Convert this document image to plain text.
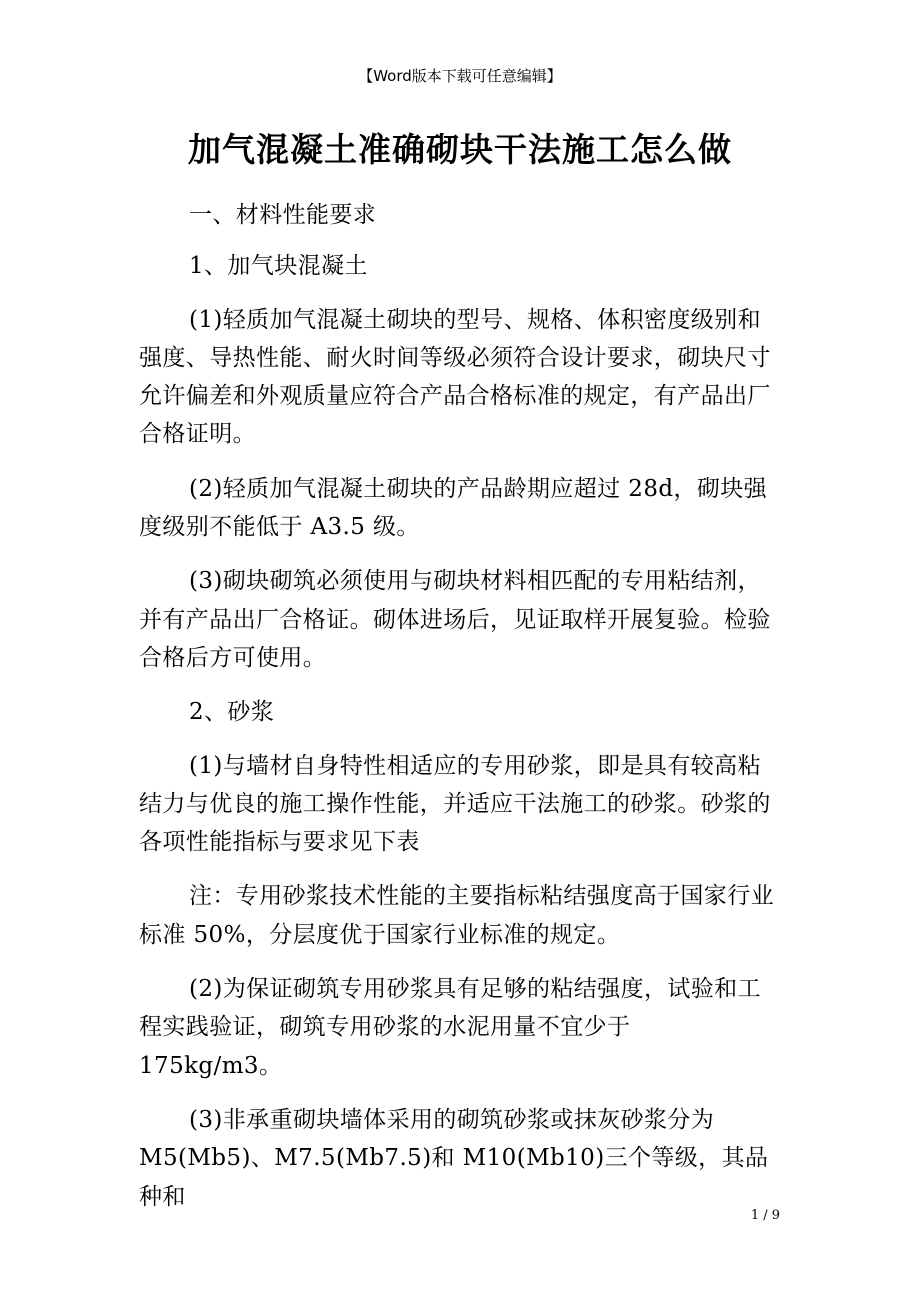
【Word版本下载可任意编辑】
加气混凝土准确砌块干法施工怎么做

一、材料性能要求

1、加气块混凝土

(1)轻质加气混凝土砌块的型号、规格、体积密度级别和强度、导热性能、耐火时间等级必须符合设计要求，砌块尺寸允许偏差和外观质量应符合产品合格标准的规定，有产品出厂合格证明。

(2)轻质加气混凝土砌块的产品龄期应超过 28d，砌块强度级别不能低于 A3.5 级。

(3)砌块砌筑必须使用与砌块材料相匹配的专用粘结剂，并有产品出厂合格证。砌体进场后，见证取样开展复验。检验合格后方可使用。

2、砂浆

(1)与墙材自身特性相适应的专用砂浆，即是具有较高粘结力与优良的施工操作性能，并适应干法施工的砂浆。砂浆的各项性能指标与要求见下表

注：专用砂浆技术性能的主要指标粘结强度高于国家行业标准 50%，分层度优于国家行业标准的规定。

(2)为保证砌筑专用砂浆具有足够的粘结强度，试验和工程实践验证，砌筑专用砂浆的水泥用量不宜少于 175kg/m3。

(3)非承重砌块墙体采用的砌筑砂浆或抹灰砂浆分为 M5(Mb5)、M7.5(Mb7.5)和 M10(Mb10)三个等级，其品种和

1 / 9
